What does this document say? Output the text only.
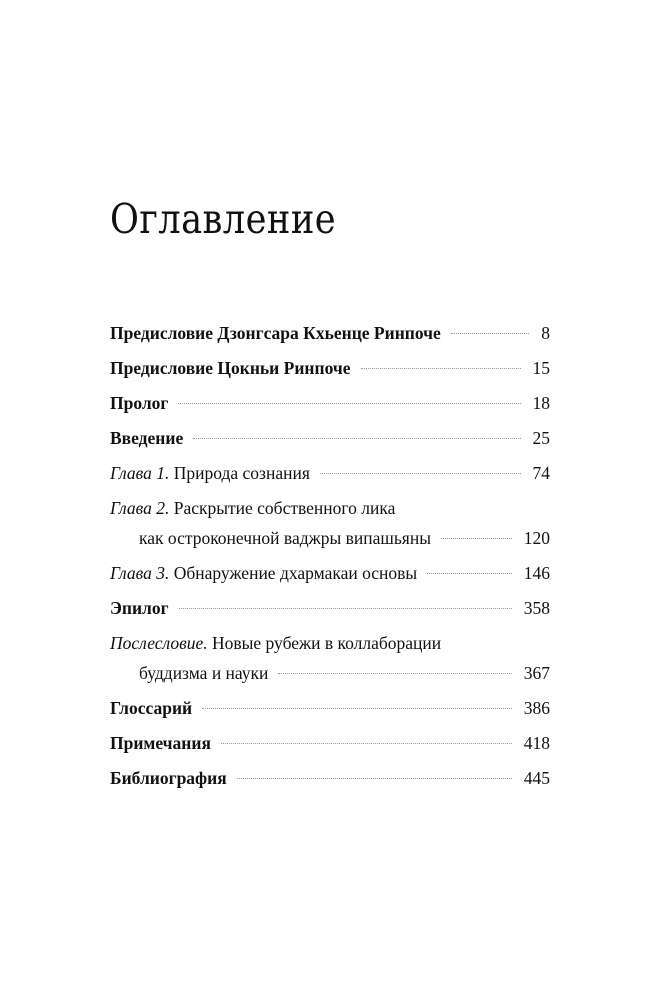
Оглавление
Предисловие Дзонгсара Кхьенце Ринпоче	8
Предисловие Цокньи Ринпоче	15
Пролог	18
Введение	25
Глава 1. Природа сознания	74
Глава 2. Раскрытие собственного лика
как остроконечной ваджры випашьяны	120
Глава 3. Обнаружение дхармакаи основы	146
Эпилог	358
Послесловие. Новые рубежи в коллаборации
буддизма и науки	367
Глоссарий	386
Примечания	418
Библиография	445
